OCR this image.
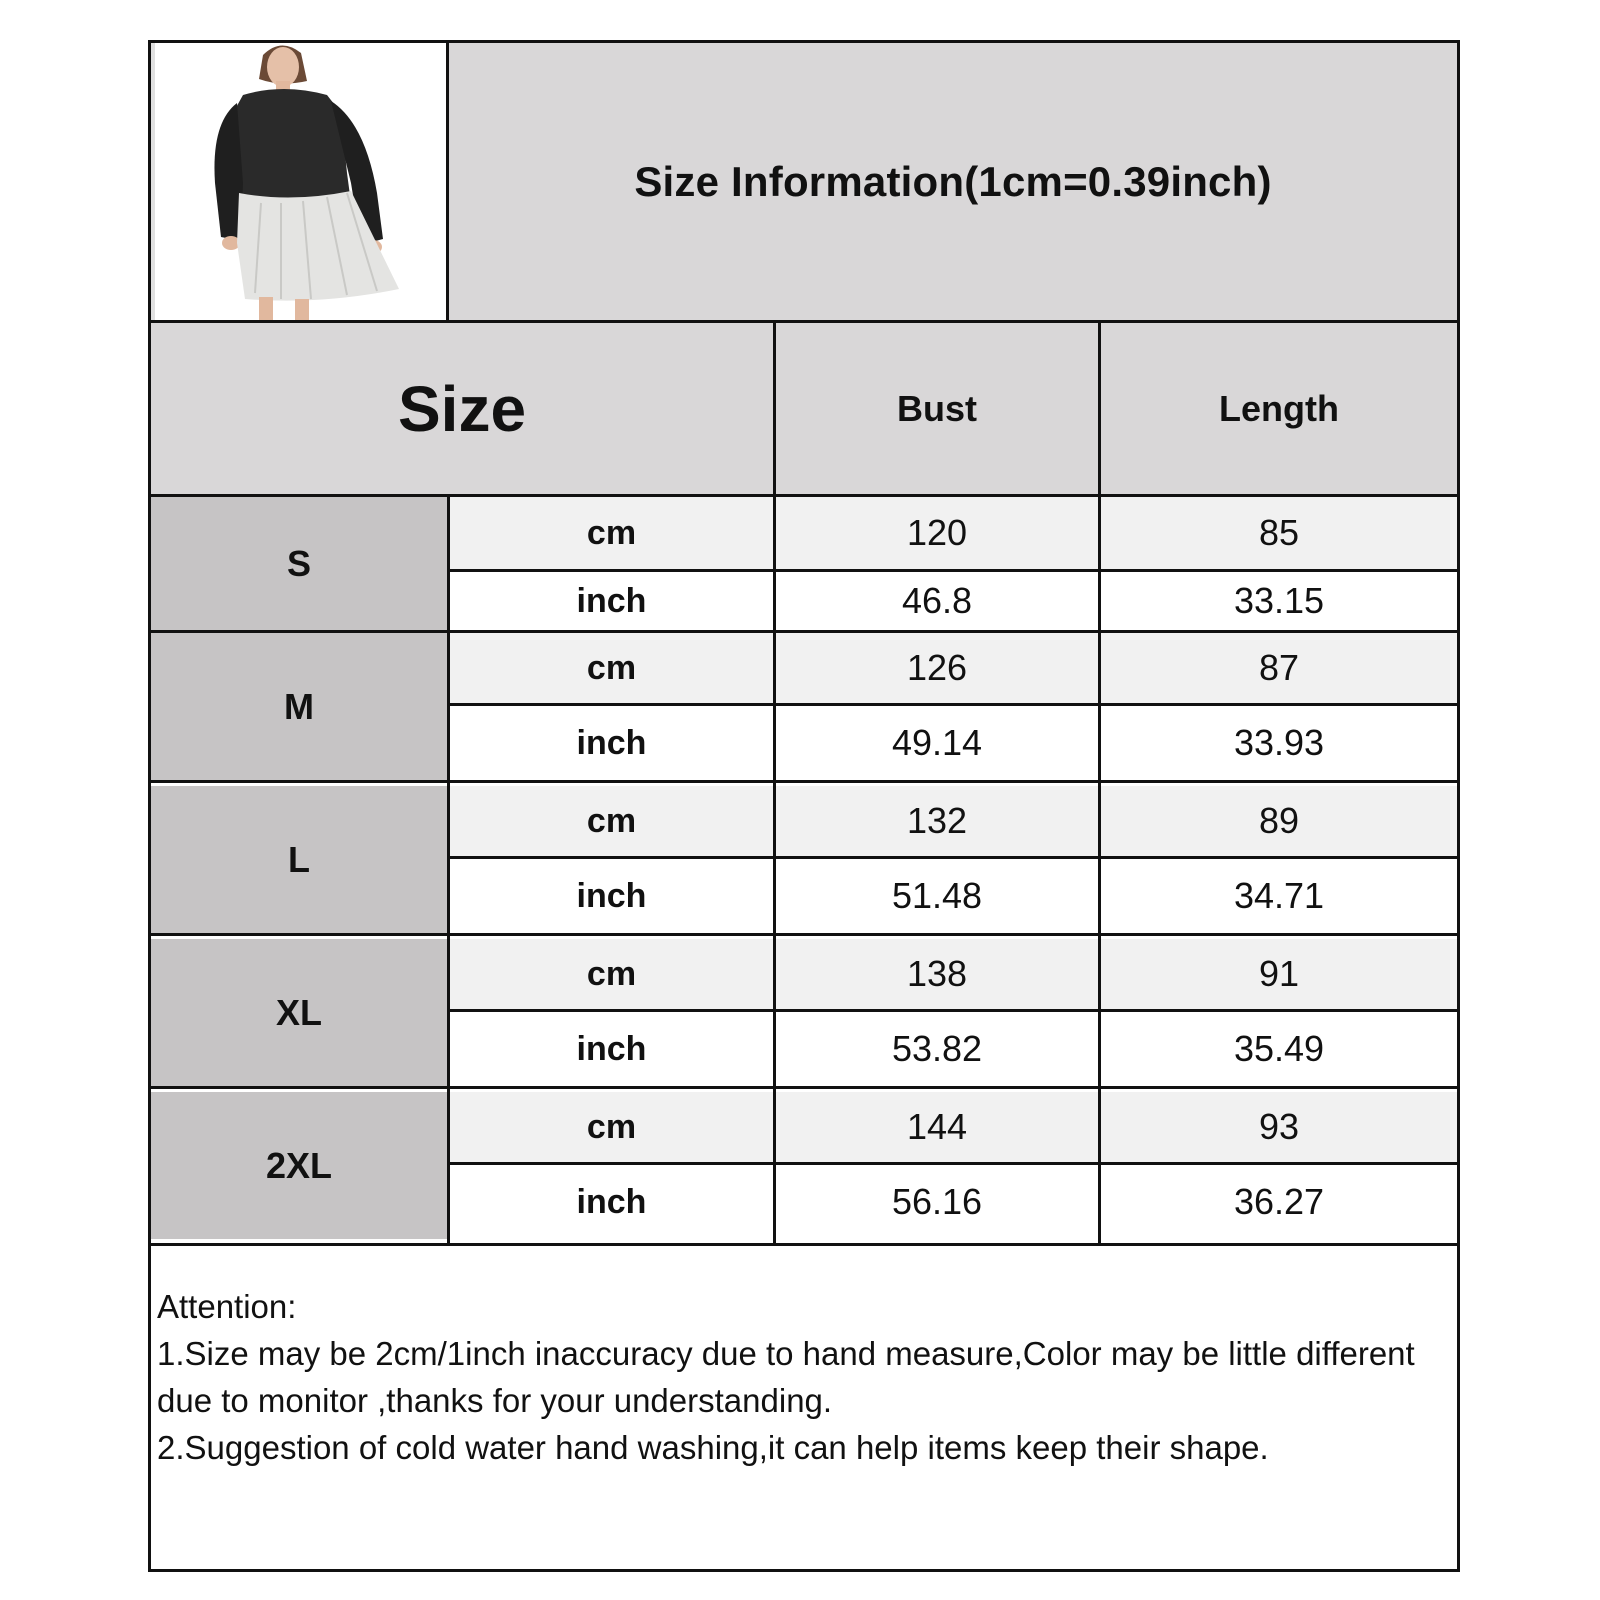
Size Information(1cm=0.39inch)
Size	Bust	Length
S
cm	120	85
inch	46.8	33.15
M
cm	126	87
inch	49.14	33.93
L
cm	132	89
inch	51.48	34.71
XL
cm	138	91
inch	53.82	35.49
2XL
cm	144	93
inch	56.16	36.27
Attention:
1.Size may be 2cm/1inch inaccuracy due to hand measure,Color may be little different due to monitor ,thanks for your understanding.
2.Suggestion of cold water hand washing,it can help items keep their shape.
